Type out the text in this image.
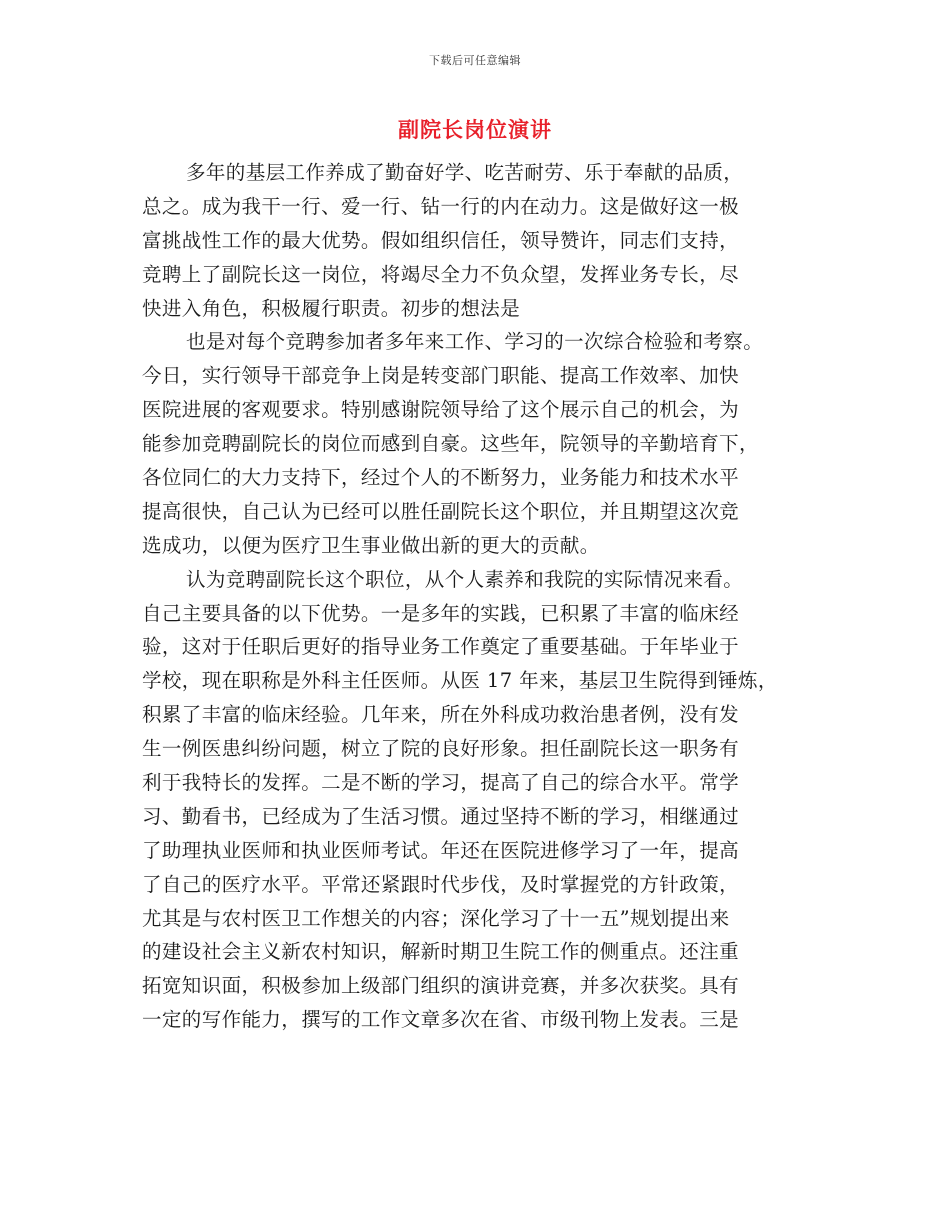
下载后可任意编辑
副院长岗位演讲

多年的基层工作养成了勤奋好学、吃苦耐劳、乐于奉献的品质，
总之。成为我干一行、爱一行、钻一行的内在动力。这是做好这一极
富挑战性工作的最大优势。假如组织信任，领导赞许，同志们支持，
竞聘上了副院长这一岗位，将竭尽全力不负众望，发挥业务专长，尽
快进入角色，积极履行职责。初步的想法是

也是对每个竞聘参加者多年来工作、学习的一次综合检验和考察。
今日，实行领导干部竞争上岗是转变部门职能、提高工作效率、加快
医院进展的客观要求。特别感谢院领导给了这个展示自己的机会，为
能参加竞聘副院长的岗位而感到自豪。这些年，院领导的辛勤培育下，
各位同仁的大力支持下，经过个人的不断努力，业务能力和技术水平
提高很快，自己认为已经可以胜任副院长这个职位，并且期望这次竞
选成功，以便为医疗卫生事业做出新的更大的贡献。

认为竞聘副院长这个职位，从个人素养和我院的实际情况来看。
自己主要具备的以下优势。一是多年的实践，已积累了丰富的临床经
验，这对于任职后更好的指导业务工作奠定了重要基础。于年毕业于
学校，现在职称是外科主任医师。从医 17 年来，基层卫生院得到锤炼，
积累了丰富的临床经验。几年来，所在外科成功救治患者例，没有发
生一例医患纠纷问题，树立了院的良好形象。担任副院长这一职务有
利于我特长的发挥。二是不断的学习，提高了自己的综合水平。常学
习、勤看书，已经成为了生活习惯。通过坚持不断的学习，相继通过
了助理执业医师和执业医师考试。年还在医院进修学习了一年，提高
了自己的医疗水平。平常还紧跟时代步伐，及时掌握党的方针政策，
尤其是与农村医卫工作想关的内容；深化学习了十一五”规划提出来
的建设社会主义新农村知识，解新时期卫生院工作的侧重点。还注重
拓宽知识面，积极参加上级部门组织的演讲竞赛，并多次获奖。具有
一定的写作能力，撰写的工作文章多次在省、市级刊物上发表。三是
